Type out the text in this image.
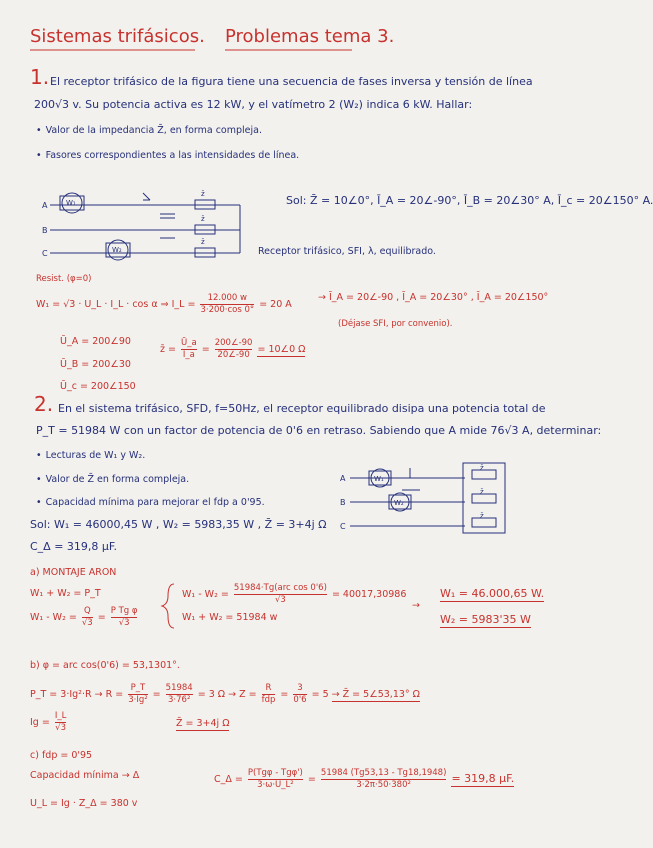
Sistemas trifásicos. Problemas tema 3.
1. El receptor trifásico de la figura tiene una secuencia de fases inversa y tensión de línea
200√3 v. Su potencia activa es 12 kW, y el vatímetro 2 (W₂) indica 6 kW. Hallar:
• Valor de la impedancia Z̄, en forma compleja.
• Fasores correspondientes a las intensidades de línea.
A
B
C
W₁
W₂
z̄
z̄
z̄
Sol: Z̄ = 10∠0°, Ī_A = 20∠-90°, Ī_B = 20∠30° A, Ī_c = 20∠150° A.
Receptor trifásico, SFI, λ, equilibrado.
Resist. (φ=0)
W₁ = √3 · U_L · I_L · cos α ⇒ I_L = $\frac{12.000 w}{3\cdot 200\cdot\cos 0^\circ} = 20$ A
→ Ī_A = 20∠-90 , Ī_A = 20∠30° , Ī_A = 20∠150°
(Déjase SFI, por convenio).
Ū_A = 200∠90
Ū_B = 200∠30
Ū_c = 200∠150
z̄ = $\frac{Ū\_a}{Ī\_a} = \frac{200\angle-90}{20\angle-90}$ = 10∠0 Ω
2. En el sistema trifásico, SFD, f=50Hz, el receptor equilibrado disipa una potencia total de
P_T = 51984 W con un factor de potencia de 0'6 en retraso. Sabiendo que A mide 76√3 A, determinar:
• Lecturas de W₁ y W₂.
• Valor de Z̄ en forma compleja.
• Capacidad mínima para mejorar el fdp a 0'95.
Sol: W₁ = 46000,45 W , W₂ = 5983,35 W , Z̄ = 3+4j Ω
C_Δ = 319,8 μF.
A
B
C
W₁
W₂
z̄
z̄
z̄
a) MONTAJE ARON
W₁ + W₂ = P_T
$W_1 - W_2 = \frac{Q}{√3} = \frac{\text{P Tg φ}}{√3}$
$W_1 - W_2 = \frac{\text{51984·Tg(arc cos 0'6)}}{√3} = 40017,30986$
W₁ + W₂ = 51984 w
→
W₁ = 46.000,65 W.
W₂ = 5983'35 W
b) φ = arc cos(0'6) = 53,1301°.
P_T = $3\cdot Ig^2\cdot R \to R = \frac{P\_T}{\text{3·Ig²}} = \frac{51984}{\text{3·76²}} = 3$ $\Omega \to Z = \frac{R}{\text{fdp}} = \frac{3}{0'6} = 5$ → Z̄ = 5∠53,13° Ω
$Ig = \frac{I\_L}{√3}$	Z̄ = 3+4j Ω
c) fdp = 0'95
Capacidad mínima → Δ	C_Δ = $\frac{\text{P(Tgφ - Tgφ')}}{\text{3·ω·U\_L²}} = \frac{51984 (Tg53,13 - Tg18,1948)}{\text{3·2π·50·380²}} = 319,8$ μF.
U_L = Ig · Z_Δ = 380 v
